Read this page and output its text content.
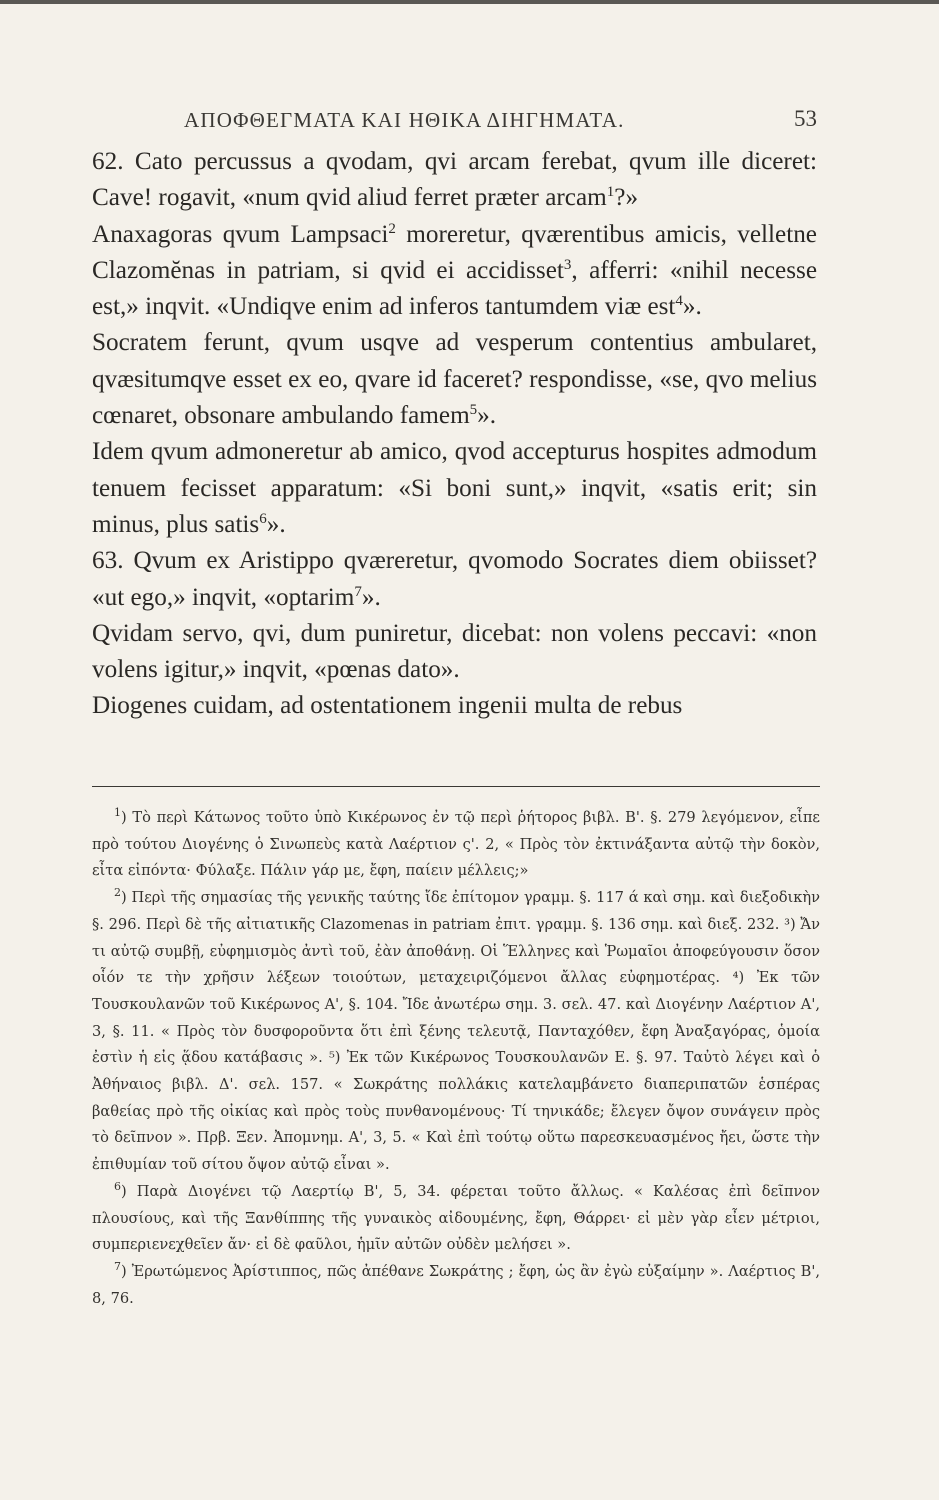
ΑΠΟΦΘΕΓΜΑΤΑ ΚΑΙ ΗΘΙΚΑ ΔΙΗΓΗΜΑΤΑ.	53

62. Cato percussus a qvodam, qvi arcam ferebat, qvum ille diceret: Cave! rogavit, «num qvid aliud ferret præter arcam$^1$?»

Anaxagoras qvum Lampsaci$^2$ moreretur, qværentibus amicis, velletne Clazomĕnas in patriam, si qvid ei accidisset$^3$, afferri: «nihil necesse est,» inqvit. «Undiqve enim ad inferos tantumdem viæ est$^4$».

Socratem ferunt, qvum usqve ad vesperum contentius ambularet, qvæsitumqve esset ex eo, qvare id faceret? respondisse, «se, qvo melius cœnaret, obsonare ambulando famem$^5$».

Idem qvum admoneretur ab amico, qvod accepturus hospites admodum tenuem fecisset apparatum: «Si boni sunt,» inqvit, «satis erit; sin minus, plus satis$^6$».

63. Qvum ex Aristippo qværeretur, qvomodo Socrates diem obiisset? «ut ego,» inqvit, «optarim$^7$».

Qvidam servo, qvi, dum puniretur, dicebat: non volens peccavi: «non volens igitur,» inqvit, «pœnas dato».

Diogenes cuidam, ad ostentationem ingenii multa de rebus

$^1$) Τὸ περὶ Κάτωνος τοῦτο ὑπὸ Κικέρωνος ἐν τῷ περὶ ῥήτορος βιβλ. Β'. §. 279 λεγόμενον, εἶπε πρὸ τούτου Διογένης ὁ Σινωπεὺς κατὰ Λαέρτιον ς'. 2, « Πρὸς τὸν ἐκτινάξαντα αὐτῷ τὴν δοκὸν, εἶτα εἰπόντα· Φύλαξε. Πάλιν γάρ με, ἔφη, παίειν μέλλεις;»

$^2$) Περὶ τῆς σημασίας τῆς γενικῆς ταύτης ἴδε ἐπίτομον γραμμ. §. 117 ά καὶ σημ. καὶ διεξοδικὴν §. 296. Περὶ δὲ τῆς αἰτιατικῆς Clazomenas in patriam ἐπιτ. γραμμ. §. 136 σημ. καὶ διεξ. 232. ³) Ἄν τι αὐτῷ συμβῇ, εὐφημισμὸς ἀντὶ τοῦ, ἐὰν ἀποθάνῃ. Οἱ Ἕλληνες καὶ Ῥωμαῖοι ἀποφεύγουσιν ὅσον οἷόν τε τὴν χρῆσιν λέξεων τοιούτων, μεταχειριζόμενοι ἄλλας εὐφημοτέρας. ⁴) Ἐκ τῶν Τουσκουλανῶν τοῦ Κικέρωνος Α', §. 104. Ἴδε ἀνωτέρω σημ. 3. σελ. 47. καὶ Διογένην Λαέρτιον Α', 3, §. 11. « Πρὸς τὸν δυσφοροῦντα ὅτι ἐπὶ ξένης τελευτᾷ, Πανταχόθεν, ἔφη Ἀναξαγόρας, ὁμοία ἐστὶν ἡ εἰς ᾅδου κατάβασις ». ⁵) Ἐκ τῶν Κικέρωνος Τουσκουλανῶν Ε. §. 97. Ταὐτὸ λέγει καὶ ὁ Ἀθήναιος βιβλ. Δ'. σελ. 157. « Σωκράτης πολλάκις κατελαμβάνετο διαπεριπατῶν ἑσπέρας βαθείας πρὸ τῆς οἰκίας καὶ πρὸς τοὺς πυνθανομένους· Τί τηνικάδε; ἔλεγεν ὄψον συνάγειν πρὸς τὸ δεῖπνον ». Πρβ. Ξεν. Ἀπομνημ. Α', 3, 5. « Καὶ ἐπὶ τούτῳ οὕτω παρεσκευασμένος ἤει, ὥστε τὴν ἐπιθυμίαν τοῦ σίτου ὄψον αὐτῷ εἶναι ».

$^6$) Παρὰ Διογένει τῷ Λαερτίῳ Β', 5, 34. φέρεται τοῦτο ἄλλως. « Καλέσας ἐπὶ δεῖπνον πλουσίους, καὶ τῆς Ξανθίππης τῆς γυναικὸς αἰδουμένης, ἔφη, Θάρρει· εἰ μὲν γὰρ εἶεν μέτριοι, συμπεριενεχθεῖεν ἄν· εἰ δὲ φαῦλοι, ἡμῖν αὐτῶν οὐδὲν μελήσει ».

$^7$) Ἐρωτώμενος Ἀρίστιππος, πῶς ἀπέθανε Σωκράτης ; ἔφη, ὡς ἂν ἐγὼ εὐξαίμην ». Λαέρτιος Β', 8, 76.
